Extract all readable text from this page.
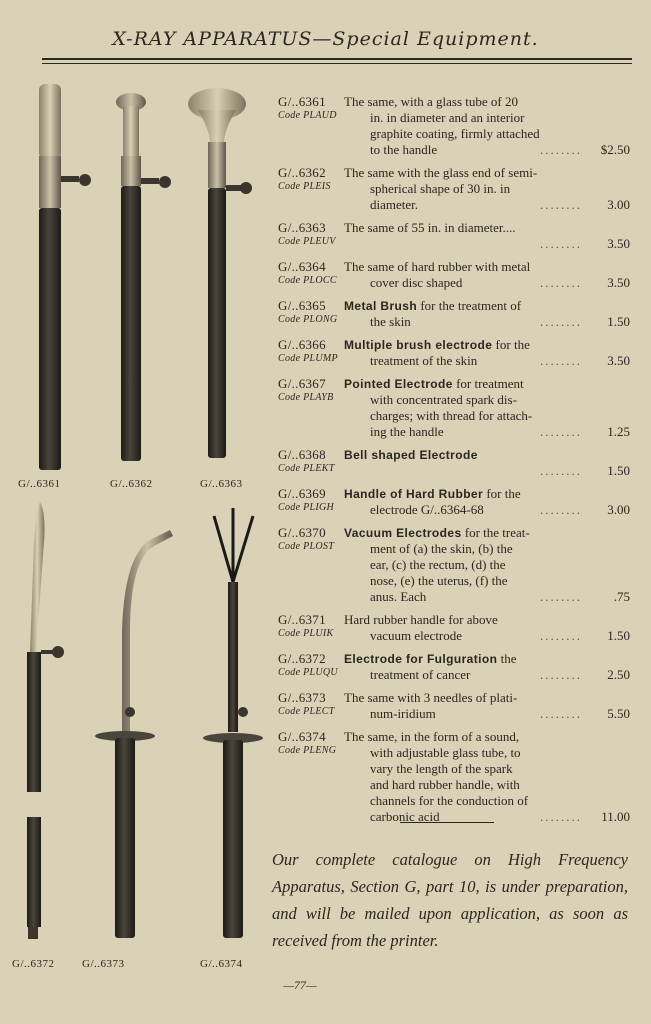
X-RAY APPARATUS—Special Equipment.
G/..6361	G/..6362	G/..6363
G/..6372	G/..6373	G/..6374
G/..6361 The same, with a glass tube of 20
Code PLAUD	in. in diameter and an interior
graphite coating, firmly attached
to the handle	$2.50
........
G/..6362 The same with the glass end of semi-
Code PLEIS	spherical shape of 30 in. in
diameter.	3.00
........
G/..6363 The same of 55 in. in diameter....
Code PLEUV
	3.50
........
G/..6364 The same of hard rubber with metal
Code PLOCC	cover disc shaped	3.50
........
G/..6365 Metal Brush for the treatment of
Code PLONG	the skin	1.50
........
G/..6366 Multiple brush electrode for the
Code PLUMP	treatment of the skin	3.50
........
G/..6367 Pointed Electrode for treatment
Code PLAYB	with concentrated spark dis-
charges; with thread for attach-
ing the handle	1.25
........
G/..6368 Bell shaped Electrode
Code PLEKT
	1.50
........
G/..6369 Handle of Hard Rubber for the
Code PLIGH	electrode G/..6364-68	3.00
........
G/..6370 Vacuum Electrodes for the treat-
Code PLOST	ment of (a) the skin, (b) the
ear, (c) the rectum, (d) the
nose, (e) the uterus, (f) the
anus. Each	.75
........
G/..6371 Hard rubber handle for above
Code PLUIK	vacuum electrode	1.50
........
G/..6372 Electrode for Fulguration the
Code PLUQU	treatment of cancer	2.50
........
G/..6373 The same with 3 needles of plati-
Code PLECT	num-iridium	5.50
........
G/..6374 The same, in the form of a sound,
Code PLENG	with adjustable glass tube, to
vary the length of the spark
and hard rubber handle, with
channels for the conduction of
carbonic acid	11.00
........
Our complete catalogue on High Frequency Apparatus, Section G, part 10, is under preparation, and will be mailed upon application, as soon as received from the printer.
—77—
